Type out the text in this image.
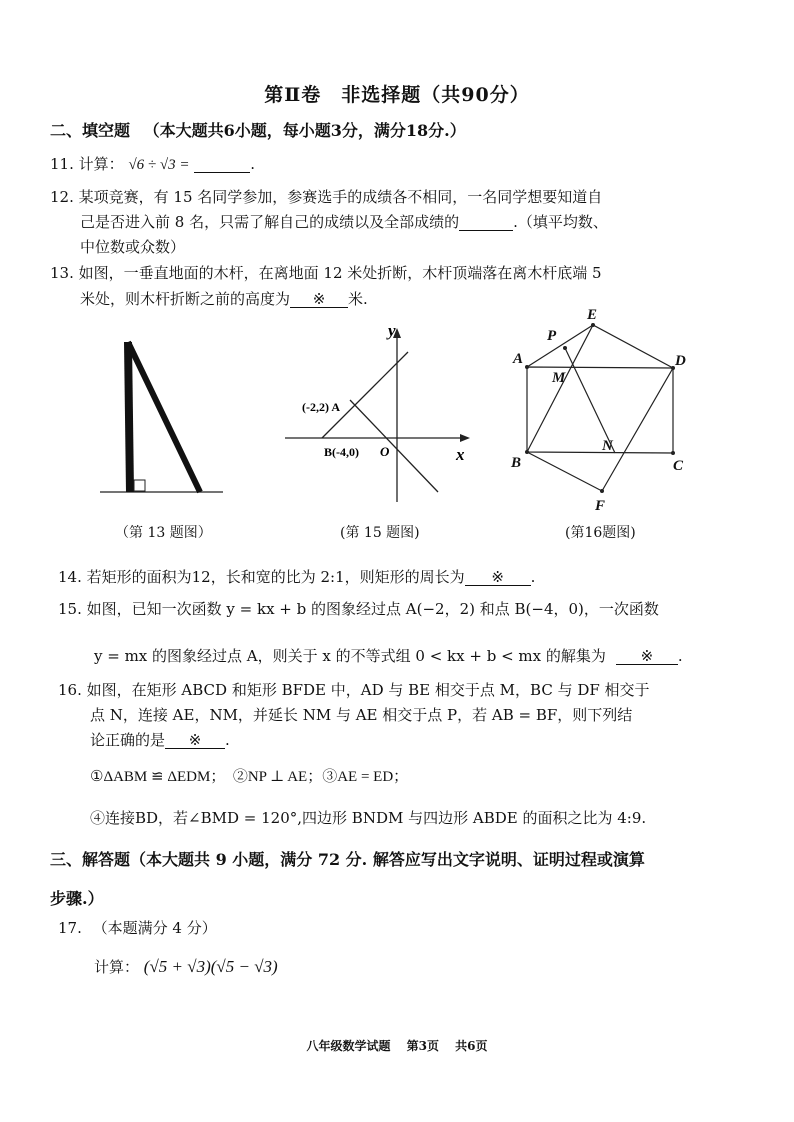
第Ⅱ卷　非选择题（共90分）
二、填空题 （本大题共6小题，每小题3分，满分18分.）
11. 计算： √6 ÷ √3 =	.
12. 某项竞赛，有 15 名同学参加，参赛选手的成绩各不相同，一名同学想要知道自
己是否进入前 8 名，只需了解自己的成绩以及全部成绩的	.（填平均数、
中位数或众数）
13. 如图，一垂直地面的木杆，在离地面 12 米处折断，木杆顶端落在离木杆底端 5
米处，则木杆折断之前的高度为 ※ 米.
（第 13 题图）
y
x
O
(-2,2) A
B(-4,0)
(第 15 题图)
A
B	C
D
E
F
M
N
P
(第16题图)
14. 若矩形的面积为12，长和宽的比为 2:1，则矩形的周长为 ※ .
15. 如图，已知一次函数 y = kx + b 的图象经过点 A(−2，2) 和点 B(−4，0)，一次函数
y = mx 的图象经过点 A，则关于 x 的不等式组 0 < kx + b < mx 的解集为 ※ .
16. 如图，在矩形 ABCD 和矩形 BFDE 中，AD 与 BE 相交于点 M，BC 与 DF 相交于
点 N，连接 AE，NM，并延长 NM 与 AE 相交于点 P，若 AB = BF，则下列结
论正确的是 ※ .
①ΔABM ≌ ΔEDM；　②NP ⊥ AE；③AE = ED；
④连接BD，若∠BMD = 120°,四边形 BNDM 与四边形 ABDE 的面积之比为 4:9.
三、解答题（本大题共 9 小题，满分 72 分. 解答应写出文字说明、证明过程或演算
步骤.）
17. （本题满分 4 分）
计算： (√5 + √3)(√5 − √3)
八年级数学试题　 第3页　 共6页
